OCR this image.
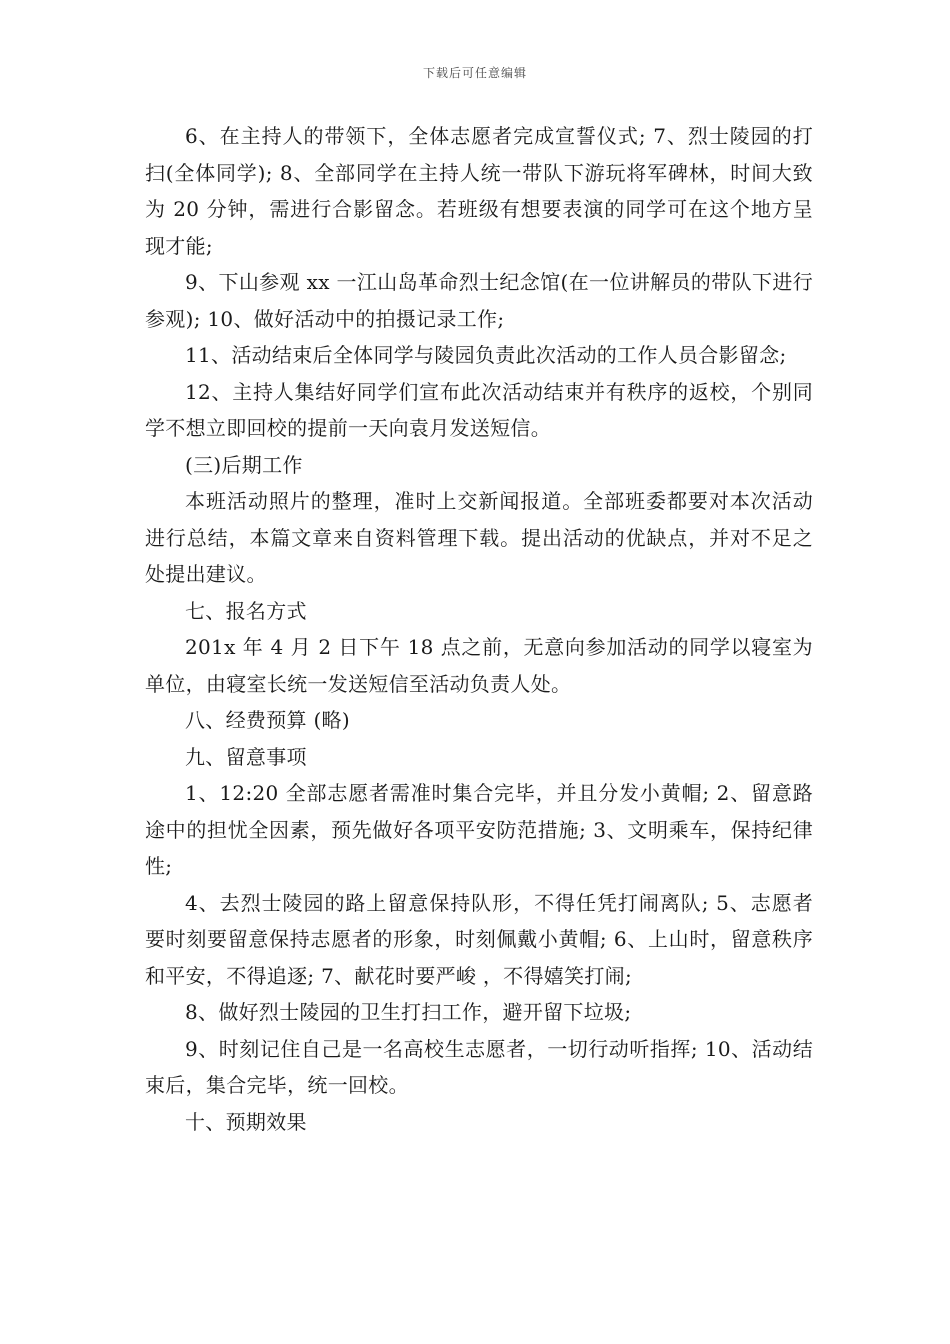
下载后可任意编辑

6、在主持人的带领下，全体志愿者完成宣誓仪式; 7、烈士陵园的打扫(全体同学); 8、全部同学在主持人统一带队下游玩将军碑林，时间大致为 20 分钟，需进行合影留念。若班级有想要表演的同学可在这个地方呈现才能;

9、下山参观 xx 一江山岛革命烈士纪念馆(在一位讲解员的带队下进行参观); 10、做好活动中的拍摄记录工作;

11、活动结束后全体同学与陵园负责此次活动的工作人员合影留念;

12、主持人集结好同学们宣布此次活动结束并有秩序的返校，个别同学不想立即回校的提前一天向袁月发送短信。

(三)后期工作

本班活动照片的整理，准时上交新闻报道。全部班委都要对本次活动进行总结，本篇文章来自资料管理下载。提出活动的优缺点，并对不足之处提出建议。

七、报名方式

201x 年 4 月 2 日下午 18 点之前，无意向参加活动的同学以寝室为单位，由寝室长统一发送短信至活动负责人处。

八、经费预算 (略)

九、留意事项

1、12:20 全部志愿者需准时集合完毕，并且分发小黄帽; 2、留意路途中的担忧全因素，预先做好各项平安防范措施; 3、文明乘车，保持纪律性;

4、去烈士陵园的路上留意保持队形，不得任凭打闹离队; 5、志愿者要时刻要留意保持志愿者的形象，时刻佩戴小黄帽; 6、上山时，留意秩序和平安，不得追逐; 7、献花时要严峻 ，不得嬉笑打闹;

8、做好烈士陵园的卫生打扫工作，避开留下垃圾;

9、时刻记住自己是一名高校生志愿者，一切行动听指挥; 10、活动结束后，集合完毕，统一回校。

十、预期效果
